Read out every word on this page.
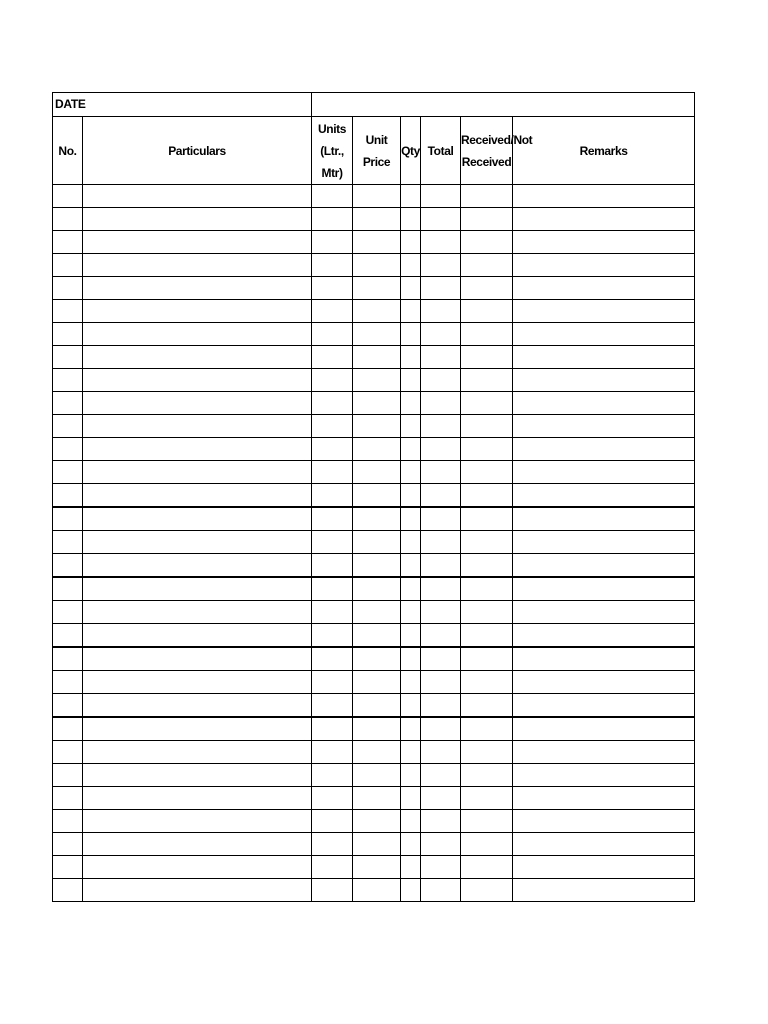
DATE							
No.	Particulars	Units (Ltr., Mtr)	Unit Price	Qty	Total	Received/Not Received	Remarks
